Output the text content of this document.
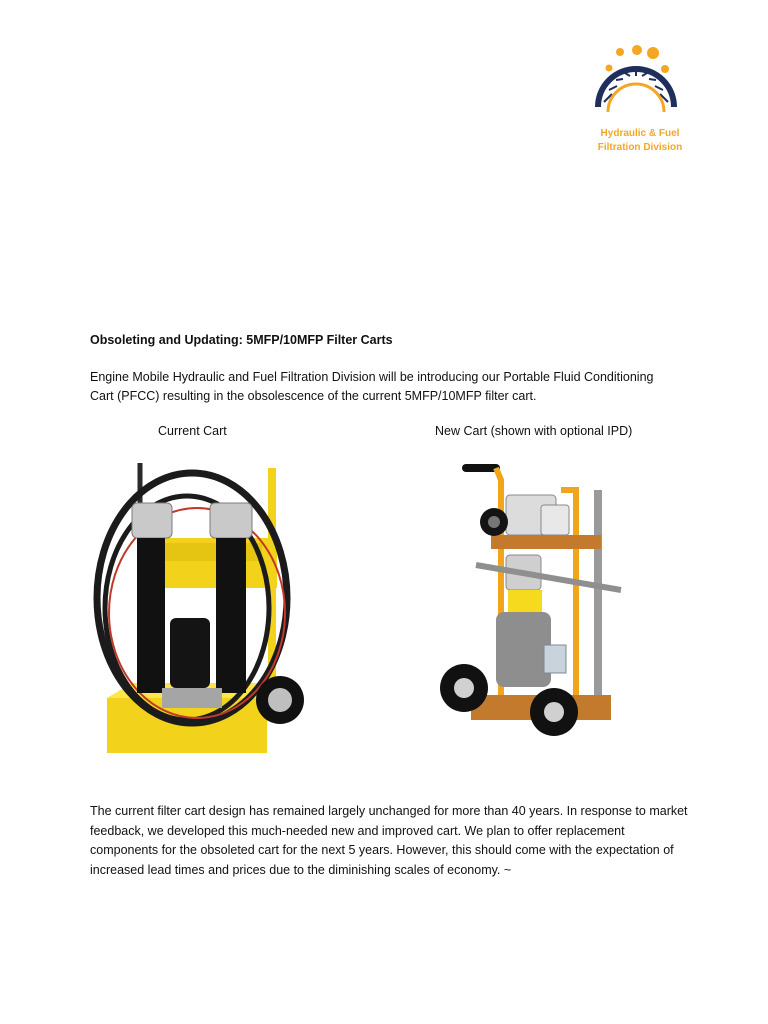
Hydraulic & Fuel
Filtration Division

Obsoleting and Updating: 5MFP/10MFP Filter Carts

Engine Mobile Hydraulic and Fuel Filtration Division will be introducing our Portable Fluid Conditioning Cart (PFCC) resulting in the obsolescence of the current 5MFP/10MFP filter cart.

Current Cart	New Cart (shown with optional IPD)

The current filter cart design has remained largely unchanged for more than 40 years. In response to market feedback, we developed this much-needed new and improved cart. We plan to offer replacement components for the obsoleted cart for the next 5 years. However, this should come with the expectation of increased lead times and prices due to the diminishing scales of economy. ~
